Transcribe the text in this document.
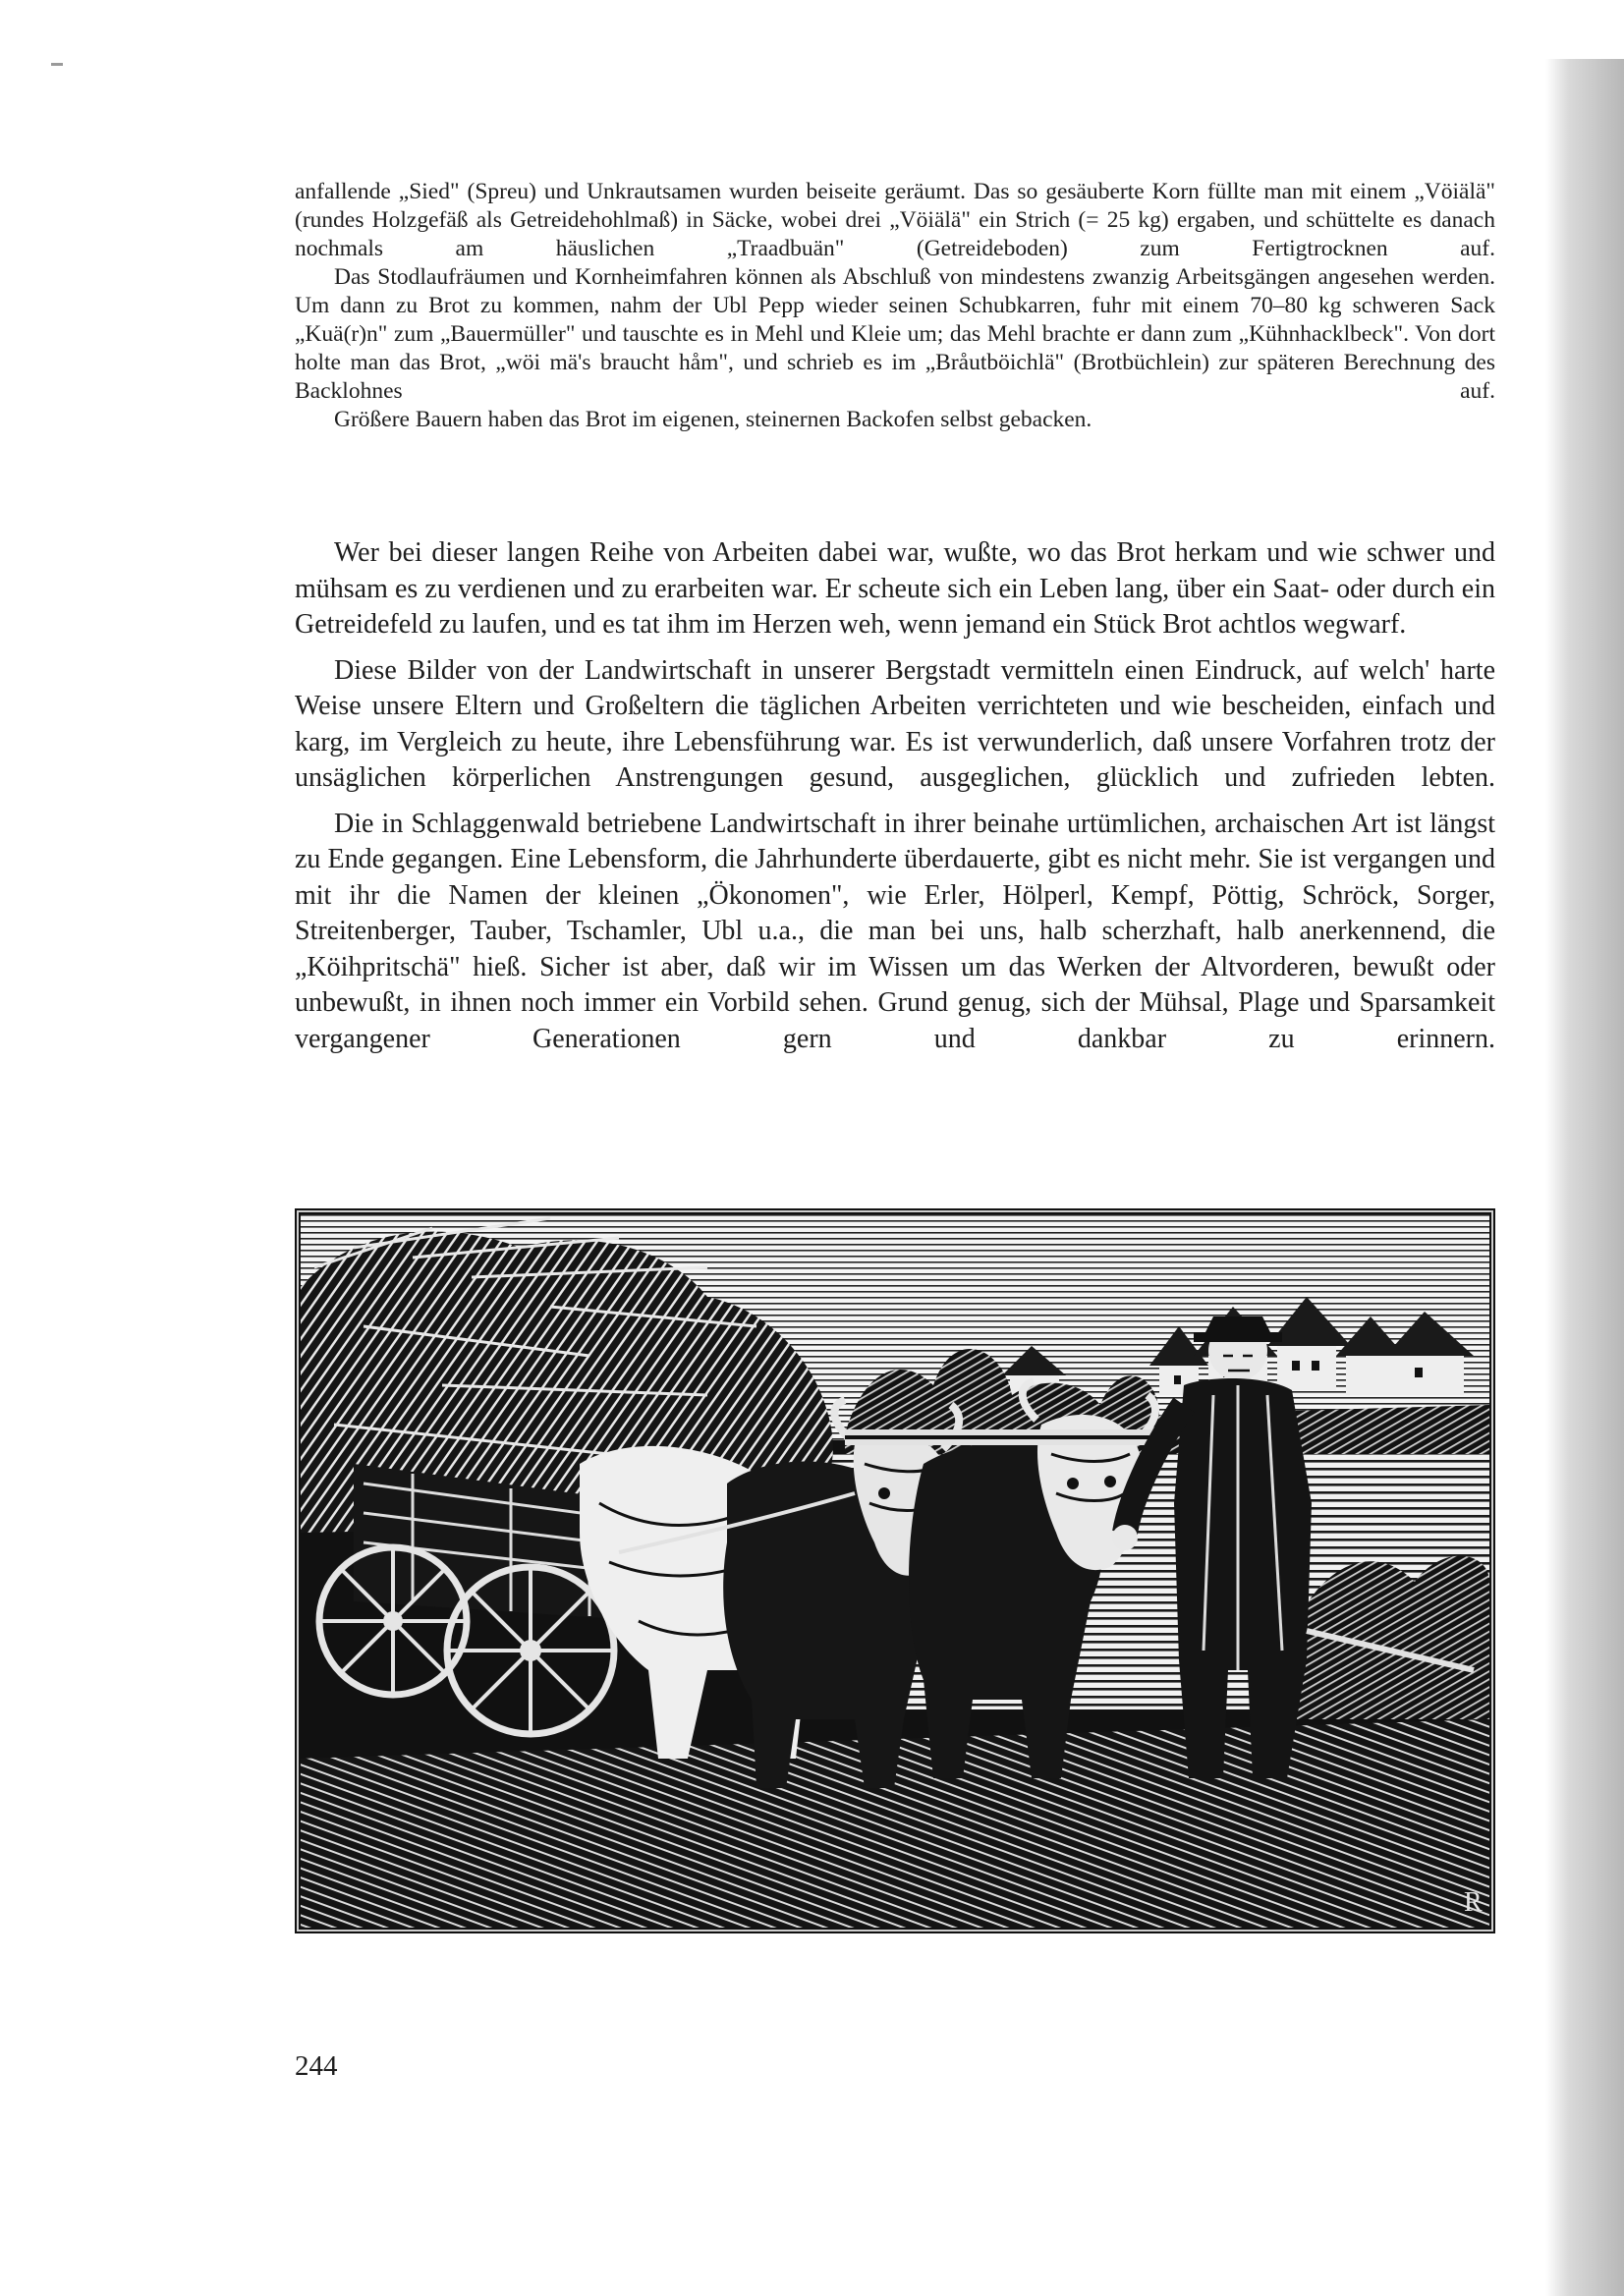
anfallende „Sied" (Spreu) und Unkrautsamen wurden beiseite geräumt. Das so gesäuberte Korn füllte man mit einem „Vöiälä" (rundes Holzgefäß als Getreidehohlmaß) in Säcke, wobei drei „Vöiälä" ein Strich (= 25 kg) ergaben, und schüttelte es danach nochmals am häuslichen „Traadbuän" (Getreideboden) zum Fertigtrocknen auf.

Das Stodlaufräumen und Kornheimfahren können als Abschluß von mindestens zwanzig Arbeitsgängen angesehen werden. Um dann zu Brot zu kommen, nahm der Ubl Pepp wieder seinen Schubkarren, fuhr mit einem 70–80 kg schweren Sack „Kuä(r)n" zum „Bauermüller" und tauschte es in Mehl und Kleie um; das Mehl brachte er dann zum „Kühnhacklbeck". Von dort holte man das Brot, „wöi mä's braucht håm", und schrieb es im „Bråutböichlä" (Brotbüchlein) zur späteren Berechnung des Backlohnes auf.

Größere Bauern haben das Brot im eigenen, steinernen Backofen selbst gebacken.

Wer bei dieser langen Reihe von Arbeiten dabei war, wußte, wo das Brot herkam und wie schwer und mühsam es zu verdienen und zu erarbeiten war. Er scheute sich ein Leben lang, über ein Saat- oder durch ein Getreidefeld zu laufen, und es tat ihm im Herzen weh, wenn jemand ein Stück Brot achtlos wegwarf.

Diese Bilder von der Landwirtschaft in unserer Bergstadt vermitteln einen Eindruck, auf welch' harte Weise unsere Eltern und Großeltern die täglichen Arbeiten verrichteten und wie bescheiden, einfach und karg, im Vergleich zu heute, ihre Lebensführung war. Es ist verwunderlich, daß unsere Vorfahren trotz der unsäglichen körperlichen Anstrengungen gesund, ausgeglichen, glücklich und zufrieden lebten.

Die in Schlaggenwald betriebene Landwirtschaft in ihrer beinahe urtümlichen, archaischen Art ist längst zu Ende gegangen. Eine Lebensform, die Jahrhunderte überdauerte, gibt es nicht mehr. Sie ist vergangen und mit ihr die Namen der kleinen „Ökonomen", wie Erler, Hölperl, Kempf, Pöttig, Schröck, Sorger, Streitenberger, Tauber, Tschamler, Ubl u.a., die man bei uns, halb scherzhaft, halb anerkennend, die „Köihpritschä" hieß. Sicher ist aber, daß wir im Wissen um das Werken der Altvorderen, bewußt oder unbewußt, in ihnen noch immer ein Vorbild sehen. Grund genug, sich der Mühsal, Plage und Sparsamkeit vergangener Generationen gern und dankbar zu erinnern.

R
244
